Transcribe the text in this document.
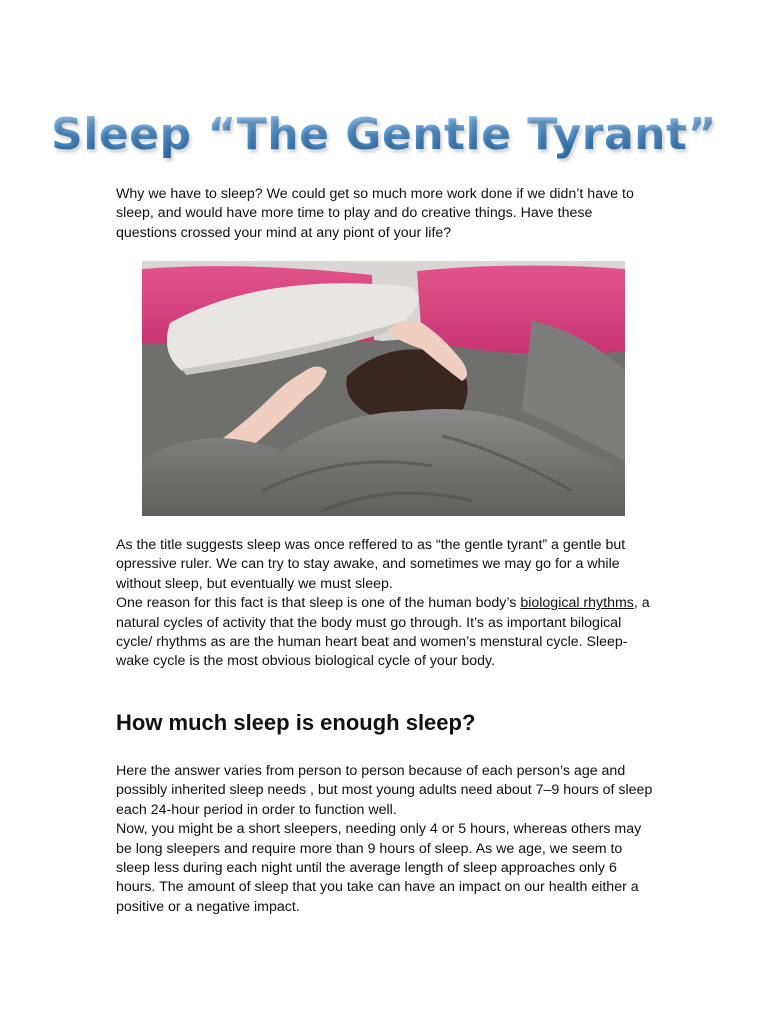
Sleep “The Gentle Tyrant”

Why we have to sleep? We could get so much more work done if we didn’t have to sleep, and would have more time to play and do creative things. Have these questions crossed your mind at any piont of your life?

As the title suggests sleep was once reffered to as “the gentle tyrant” a gentle but opressive ruler. We can try to stay awake, and sometimes we may go for a while without sleep, but eventually we must sleep.

One reason for this fact is that sleep is one of the human body’s biological rhythms, a natural cycles of activity that the body must go through. It’s as important bilogical cycle/ rhythms as are the human heart beat and women’s menstural cycle. Sleep-wake cycle is the most obvious biological cycle of your body.

How much sleep is enough sleep?

Here the answer varies from person to person because of each person’s age and possibly inherited sleep needs , but most young adults need about 7–9 hours of sleep each 24-hour period in order to function well.

Now, you might be a short sleepers, needing only 4 or 5 hours, whereas others may be long sleepers and require more than 9 hours of sleep. As we age, we seem to sleep less during each night until the average length of sleep approaches only 6 hours. The amount of sleep that you take can have an impact on our health either a positive or a negative impact.
